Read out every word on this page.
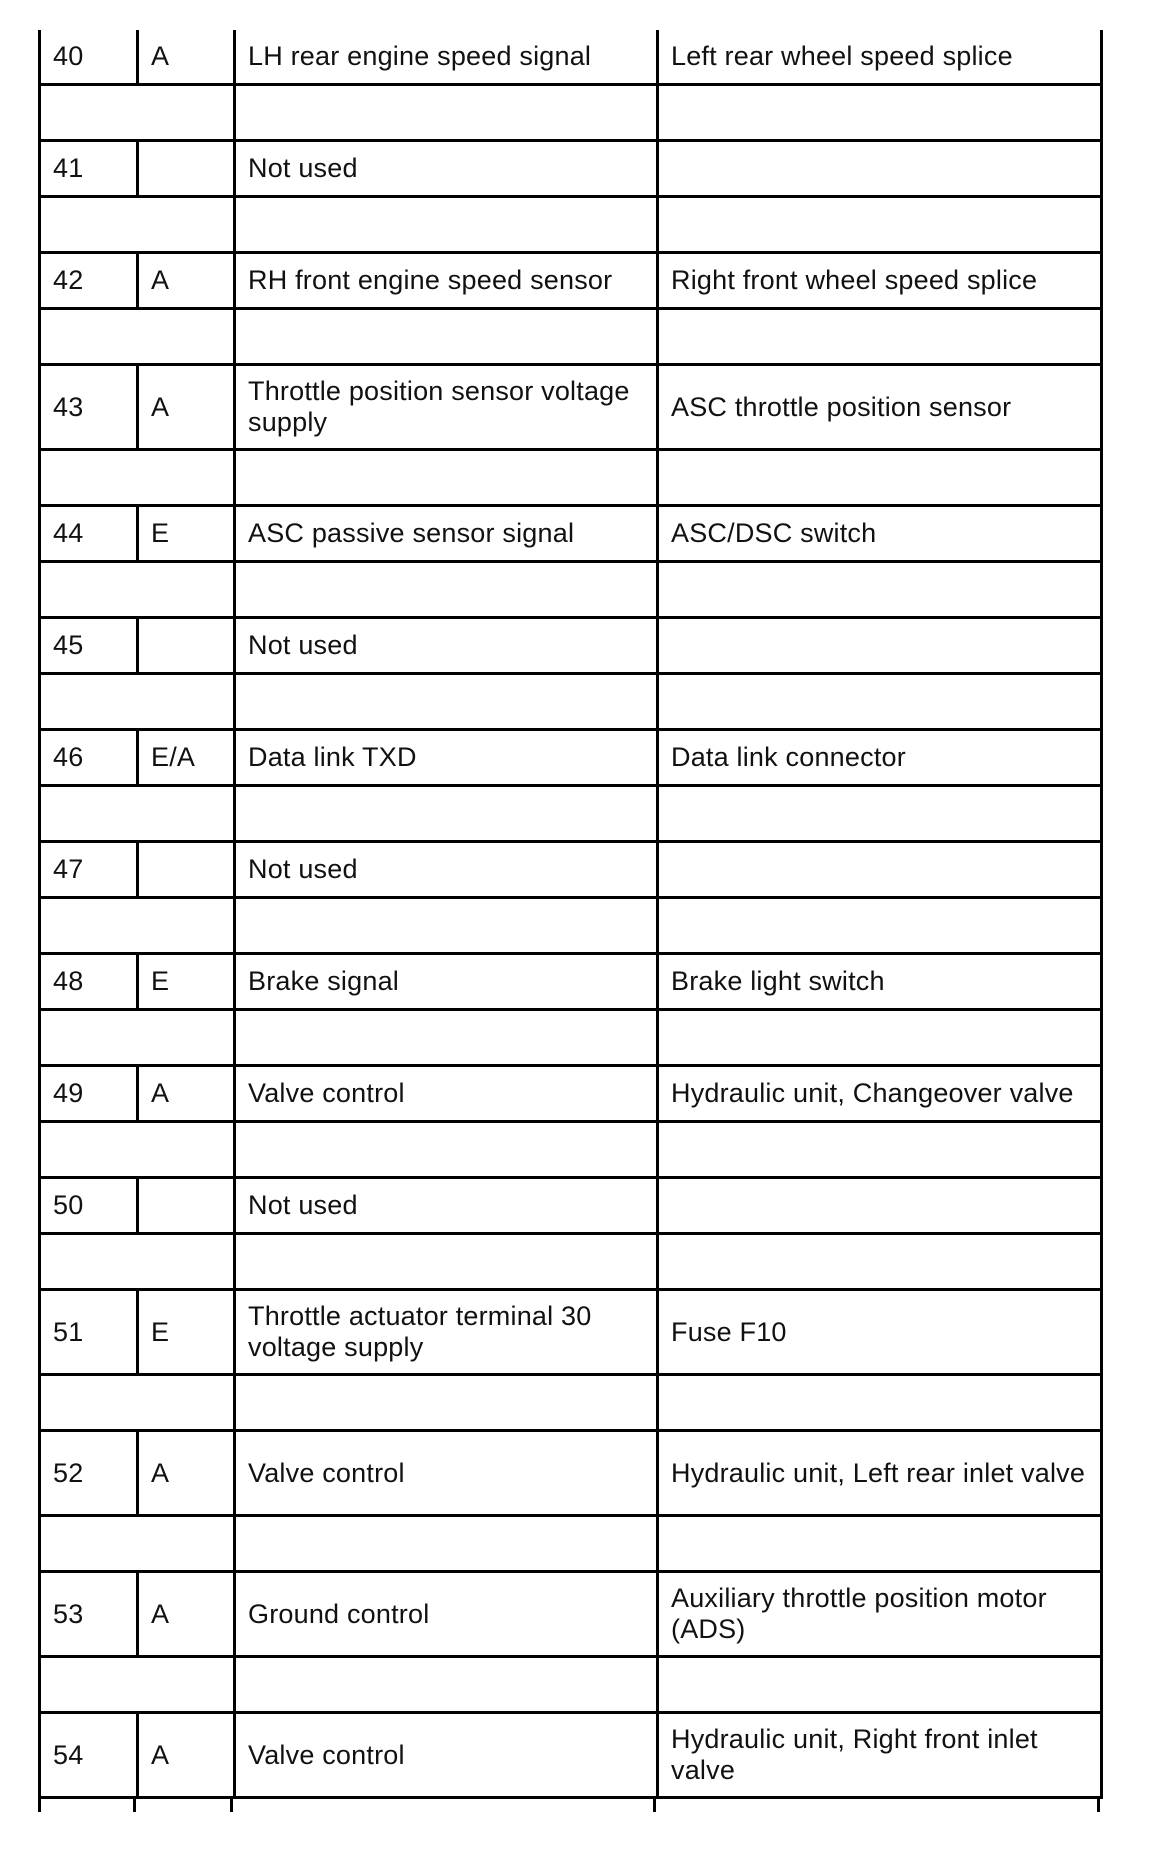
40	A	LH rear engine speed signal	Left rear wheel speed splice

41		Not used	

42	A	RH front engine speed sensor	Right front wheel speed splice

43	A	Throttle position sensor voltage supply	ASC throttle position sensor

44	E	ASC passive sensor signal	ASC/DSC switch

45		Not used	

46	E/A	Data link TXD	Data link connector

47		Not used	

48	E	Brake signal	Brake light switch

49	A	Valve control	Hydraulic unit, Changeover valve

50		Not used	

51	E	Throttle actuator terminal 30 voltage supply	Fuse F10

52	A	Valve control	Hydraulic unit, Left rear inlet valve

53	A	Ground control	Auxiliary throttle position motor (ADS)

54	A	Valve control	Hydraulic unit, Right front inlet valve
